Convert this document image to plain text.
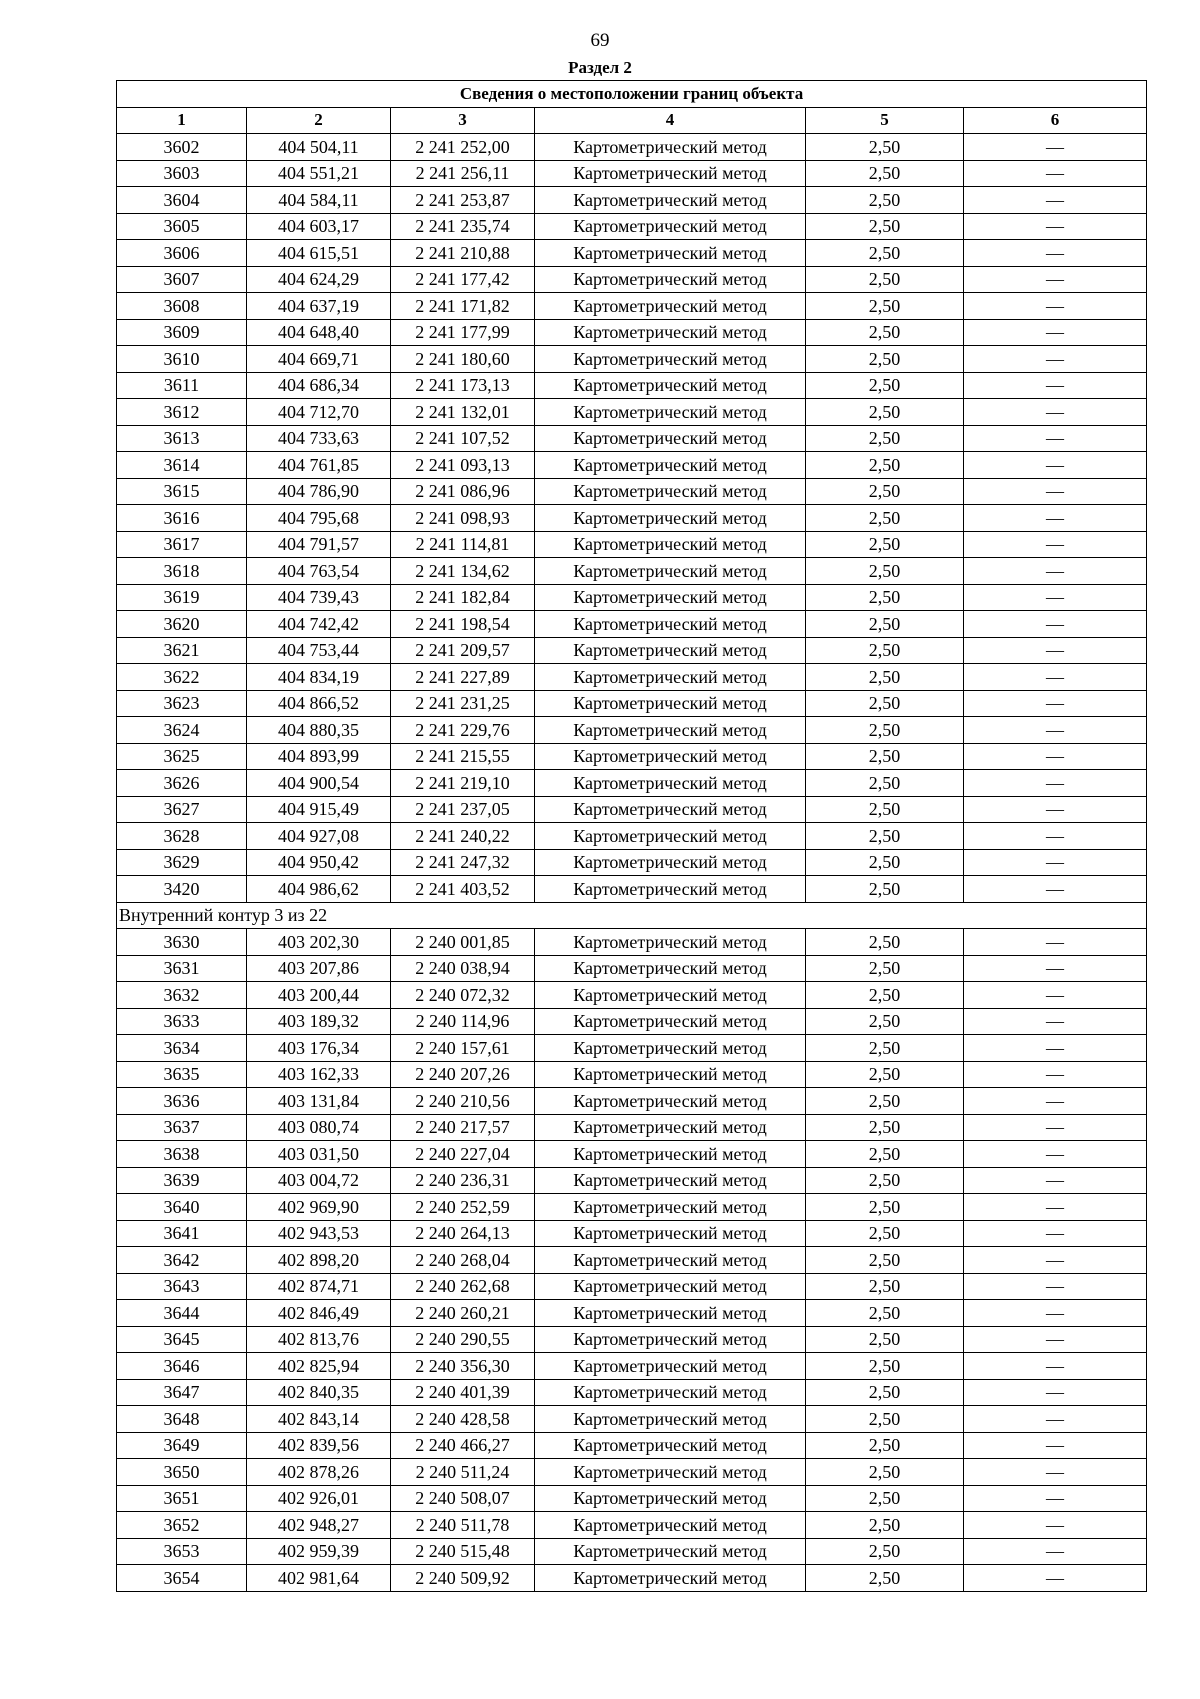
69
Раздел 2
Сведения о местоположении границ объекта					
1	2	3	4	5	6
3602	404 504,11	2 241 252,00	Картометрический метод	2,50	—
3603	404 551,21	2 241 256,11	Картометрический метод	2,50	—
3604	404 584,11	2 241 253,87	Картометрический метод	2,50	—
3605	404 603,17	2 241 235,74	Картометрический метод	2,50	—
3606	404 615,51	2 241 210,88	Картометрический метод	2,50	—
3607	404 624,29	2 241 177,42	Картометрический метод	2,50	—
3608	404 637,19	2 241 171,82	Картометрический метод	2,50	—
3609	404 648,40	2 241 177,99	Картометрический метод	2,50	—
3610	404 669,71	2 241 180,60	Картометрический метод	2,50	—
3611	404 686,34	2 241 173,13	Картометрический метод	2,50	—
3612	404 712,70	2 241 132,01	Картометрический метод	2,50	—
3613	404 733,63	2 241 107,52	Картометрический метод	2,50	—
3614	404 761,85	2 241 093,13	Картометрический метод	2,50	—
3615	404 786,90	2 241 086,96	Картометрический метод	2,50	—
3616	404 795,68	2 241 098,93	Картометрический метод	2,50	—
3617	404 791,57	2 241 114,81	Картометрический метод	2,50	—
3618	404 763,54	2 241 134,62	Картометрический метод	2,50	—
3619	404 739,43	2 241 182,84	Картометрический метод	2,50	—
3620	404 742,42	2 241 198,54	Картометрический метод	2,50	—
3621	404 753,44	2 241 209,57	Картометрический метод	2,50	—
3622	404 834,19	2 241 227,89	Картометрический метод	2,50	—
3623	404 866,52	2 241 231,25	Картометрический метод	2,50	—
3624	404 880,35	2 241 229,76	Картометрический метод	2,50	—
3625	404 893,99	2 241 215,55	Картометрический метод	2,50	—
3626	404 900,54	2 241 219,10	Картометрический метод	2,50	—
3627	404 915,49	2 241 237,05	Картометрический метод	2,50	—
3628	404 927,08	2 241 240,22	Картометрический метод	2,50	—
3629	404 950,42	2 241 247,32	Картометрический метод	2,50	—
3420	404 986,62	2 241 403,52	Картометрический метод	2,50	—
Внутренний контур 3 из 22					
3630	403 202,30	2 240 001,85	Картометрический метод	2,50	—
3631	403 207,86	2 240 038,94	Картометрический метод	2,50	—
3632	403 200,44	2 240 072,32	Картометрический метод	2,50	—
3633	403 189,32	2 240 114,96	Картометрический метод	2,50	—
3634	403 176,34	2 240 157,61	Картометрический метод	2,50	—
3635	403 162,33	2 240 207,26	Картометрический метод	2,50	—
3636	403 131,84	2 240 210,56	Картометрический метод	2,50	—
3637	403 080,74	2 240 217,57	Картометрический метод	2,50	—
3638	403 031,50	2 240 227,04	Картометрический метод	2,50	—
3639	403 004,72	2 240 236,31	Картометрический метод	2,50	—
3640	402 969,90	2 240 252,59	Картометрический метод	2,50	—
3641	402 943,53	2 240 264,13	Картометрический метод	2,50	—
3642	402 898,20	2 240 268,04	Картометрический метод	2,50	—
3643	402 874,71	2 240 262,68	Картометрический метод	2,50	—
3644	402 846,49	2 240 260,21	Картометрический метод	2,50	—
3645	402 813,76	2 240 290,55	Картометрический метод	2,50	—
3646	402 825,94	2 240 356,30	Картометрический метод	2,50	—
3647	402 840,35	2 240 401,39	Картометрический метод	2,50	—
3648	402 843,14	2 240 428,58	Картометрический метод	2,50	—
3649	402 839,56	2 240 466,27	Картометрический метод	2,50	—
3650	402 878,26	2 240 511,24	Картометрический метод	2,50	—
3651	402 926,01	2 240 508,07	Картометрический метод	2,50	—
3652	402 948,27	2 240 511,78	Картометрический метод	2,50	—
3653	402 959,39	2 240 515,48	Картометрический метод	2,50	—
3654	402 981,64	2 240 509,92	Картометрический метод	2,50	—
